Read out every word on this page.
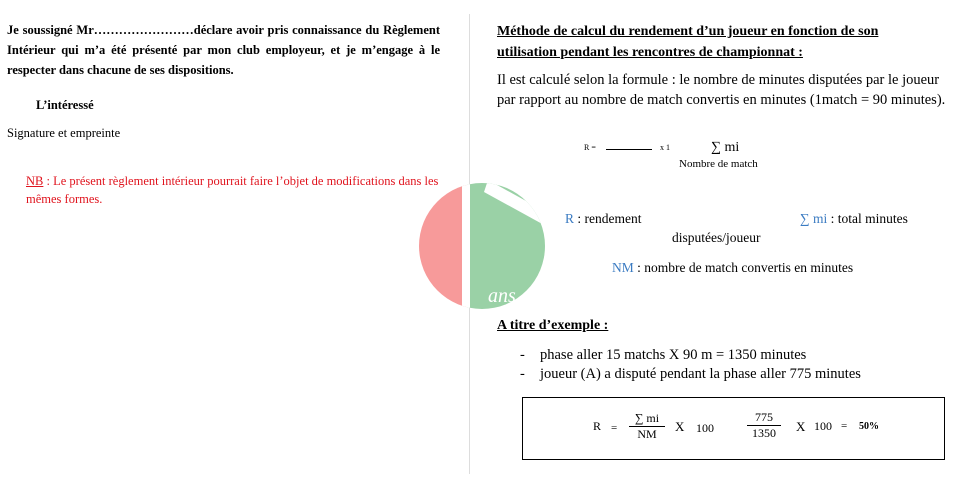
Je soussigné Mr……………………déclare avoir pris connaissance du Règlement Intérieur qui m’a été présenté par mon club employeur, et je m’engage à le respecter dans chacune de ses dispositions.
L’intéressé
Signature et empreinte
NB : Le présent règlement intérieur pourrait faire l’objet de modifications dans les mêmes formes.
ans
Méthode de calcul du rendement d’un joueur en fonction de son utilisation pendant les rencontres de championnat :
Il est calculé selon la formule : le nombre de minutes disputées par le joueur par rapport au nombre de match convertis en minutes (1match = 90 minutes).
R =	x 1	∑ mi
Nombre de match
R : rendement	∑ mi : total minutes
disputées/joueur
NM : nombre de match convertis en minutes
A titre d’exemple :
- phase aller 15 matchs X 90 m = 1350 minutes
- joueur (A) a disputé pendant la phase aller 775 minutes
R =
∑ mi
NM	X 100
775
1350	X 100 = 50%
